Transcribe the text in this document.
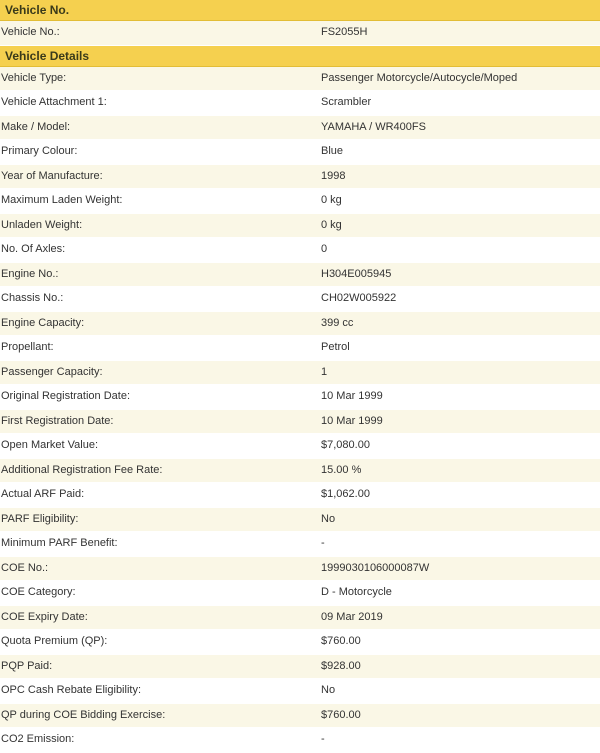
Vehicle No.
Vehicle No.:	FS2055H
Vehicle Details
Vehicle Type:	Passenger Motorcycle/Autocycle/Moped
Vehicle Attachment 1:	Scrambler
Make / Model:	YAMAHA / WR400FS
Primary Colour:	Blue
Year of Manufacture:	1998
Maximum Laden Weight:	0 kg
Unladen Weight:	0 kg
No. Of Axles:	0
Engine No.:	H304E005945
Chassis No.:	CH02W005922
Engine Capacity:	399 cc
Propellant:	Petrol
Passenger Capacity:	1
Original Registration Date:	10 Mar 1999
First Registration Date:	10 Mar 1999
Open Market Value:	$7,080.00
Additional Registration Fee Rate:	15.00 %
Actual ARF Paid:	$1,062.00
PARF Eligibility:	No
Minimum PARF Benefit:	-
COE No.:	1999030106000087W
COE Category:	D - Motorcycle
COE Expiry Date:	09 Mar 2019
Quota Premium (QP):	$760.00
PQP Paid:	$928.00
OPC Cash Rebate Eligibility:	No
QP during COE Bidding Exercise:	$760.00
CO2 Emission:	-
